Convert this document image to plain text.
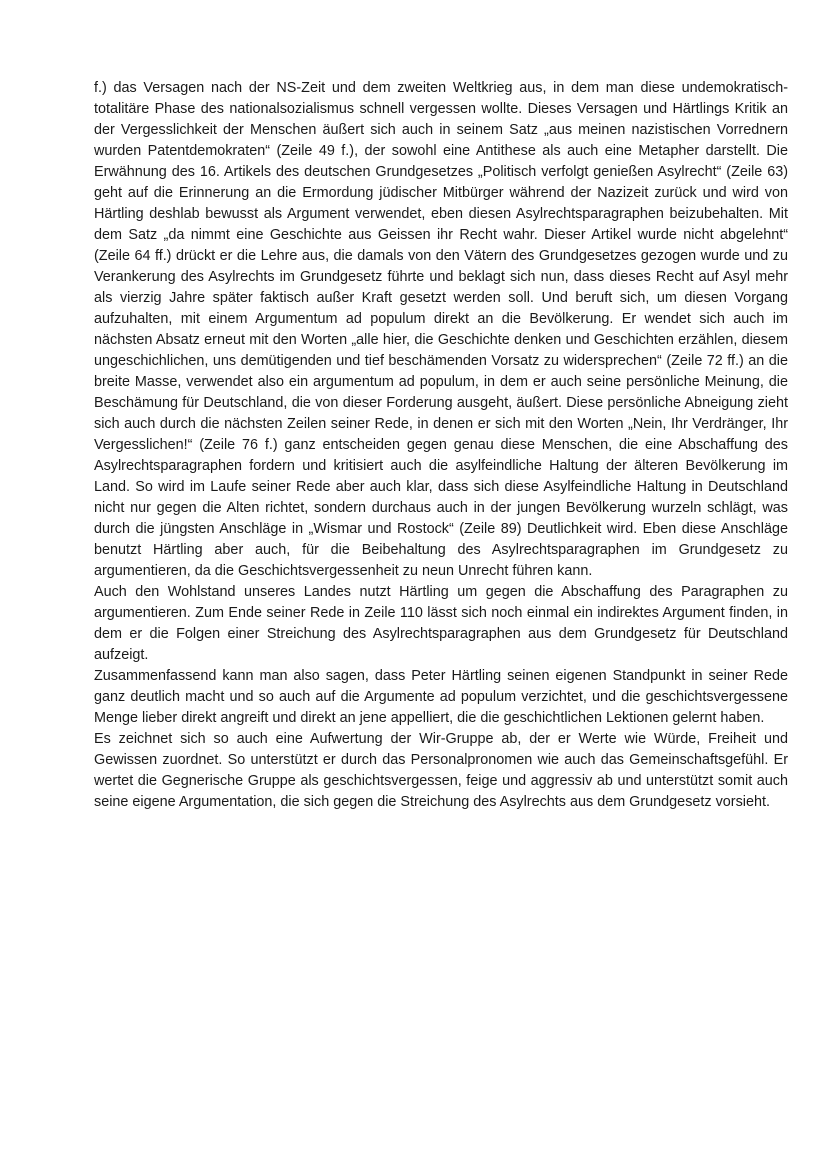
f.) das Versagen nach der NS-Zeit und dem zweiten Weltkrieg aus, in dem man diese undemokratisch-totalitäre Phase des nationalsozialismus schnell vergessen wollte. Dieses Versagen und Härtlings Kritik an der Vergesslichkeit der Menschen äußert sich auch in seinem Satz „aus meinen nazistischen Vorrednern wurden Patentdemokraten“ (Zeile 49 f.), der sowohl eine Antithese als auch eine Metapher darstellt. Die Erwähnung des 16. Artikels des deutschen Grundgesetzes „Politisch verfolgt genießen Asylrecht“ (Zeile 63) geht auf die Erinnerung an die Ermordung jüdischer Mitbürger während der Nazizeit zurück und wird von Härtling deshlab bewusst als Argument verwendet, eben diesen Asylrechtsparagraphen beizubehalten. Mit dem Satz „da nimmt eine Geschichte aus Geissen ihr Recht wahr. Dieser Artikel wurde nicht abgelehnt“ (Zeile 64 ff.) drückt er die Lehre aus, die damals von den Vätern des Grundgesetzes gezogen wurde und zu Verankerung des Asylrechts im Grundgesetz führte und beklagt sich nun, dass dieses Recht auf Asyl mehr als vierzig Jahre später faktisch außer Kraft gesetzt werden soll. Und beruft sich, um diesen Vorgang aufzuhalten, mit einem Argumentum ad populum direkt an die Bevölkerung. Er wendet sich auch im nächsten Absatz erneut mit den Worten „alle hier, die Geschichte denken und Geschichten erzählen, diesem ungeschichlichen, uns demütigenden und tief beschämenden Vorsatz zu widersprechen“ (Zeile 72 ff.) an die breite Masse, verwendet also ein argumentum ad populum, in dem er auch seine persönliche Meinung, die Beschämung für Deutschland, die von dieser Forderung ausgeht, äußert. Diese persönliche Abneigung zieht sich auch durch die nächsten Zeilen seiner Rede, in denen er sich mit den Worten „Nein, Ihr Verdränger, Ihr Vergesslichen!“ (Zeile 76 f.) ganz entscheiden gegen genau diese Menschen, die eine Abschaffung des Asylrechtsparagraphen fordern und kritisiert auch die asylfeindliche Haltung der älteren Bevölkerung im Land. So wird im Laufe seiner Rede aber auch klar, dass sich diese Asylfeindliche Haltung in Deutschland nicht nur gegen die Alten richtet, sondern durchaus auch in der jungen Bevölkerung wurzeln schlägt, was durch die jüngsten Anschläge in „Wismar und Rostock“ (Zeile 89) Deutlichkeit wird. Eben diese Anschläge benutzt Härtling aber auch, für die Beibehaltung des Asylrechtsparagraphen im Grundgesetz zu argumentieren, da die Geschichtsvergessenheit zu neun Unrecht führen kann.

Auch den Wohlstand unseres Landes nutzt Härtling um gegen die Abschaffung des Paragraphen zu argumentieren. Zum Ende seiner Rede in Zeile 110 lässt sich noch einmal ein indirektes Argument finden, in dem er die Folgen einer Streichung des Asylrechtsparagraphen aus dem Grundgesetz für Deutschland aufzeigt.

Zusammenfassend kann man also sagen, dass Peter Härtling seinen eigenen Standpunkt in seiner Rede ganz deutlich macht und so auch auf die Argumente ad populum verzichtet, und die geschichtsvergessene Menge lieber direkt angreift und direkt an jene appelliert, die die geschichtlichen Lektionen gelernt haben.

Es zeichnet sich so auch eine Aufwertung der Wir-Gruppe ab, der er Werte wie Würde, Freiheit und Gewissen zuordnet. So unterstützt er durch das Personalpronomen wie auch das Gemeinschaftsgefühl. Er wertet die Gegnerische Gruppe als geschichtsvergessen, feige und aggressiv ab und unterstützt somit auch seine eigene Argumentation, die sich gegen die Streichung des Asylrechts aus dem Grundgesetz vorsieht.
